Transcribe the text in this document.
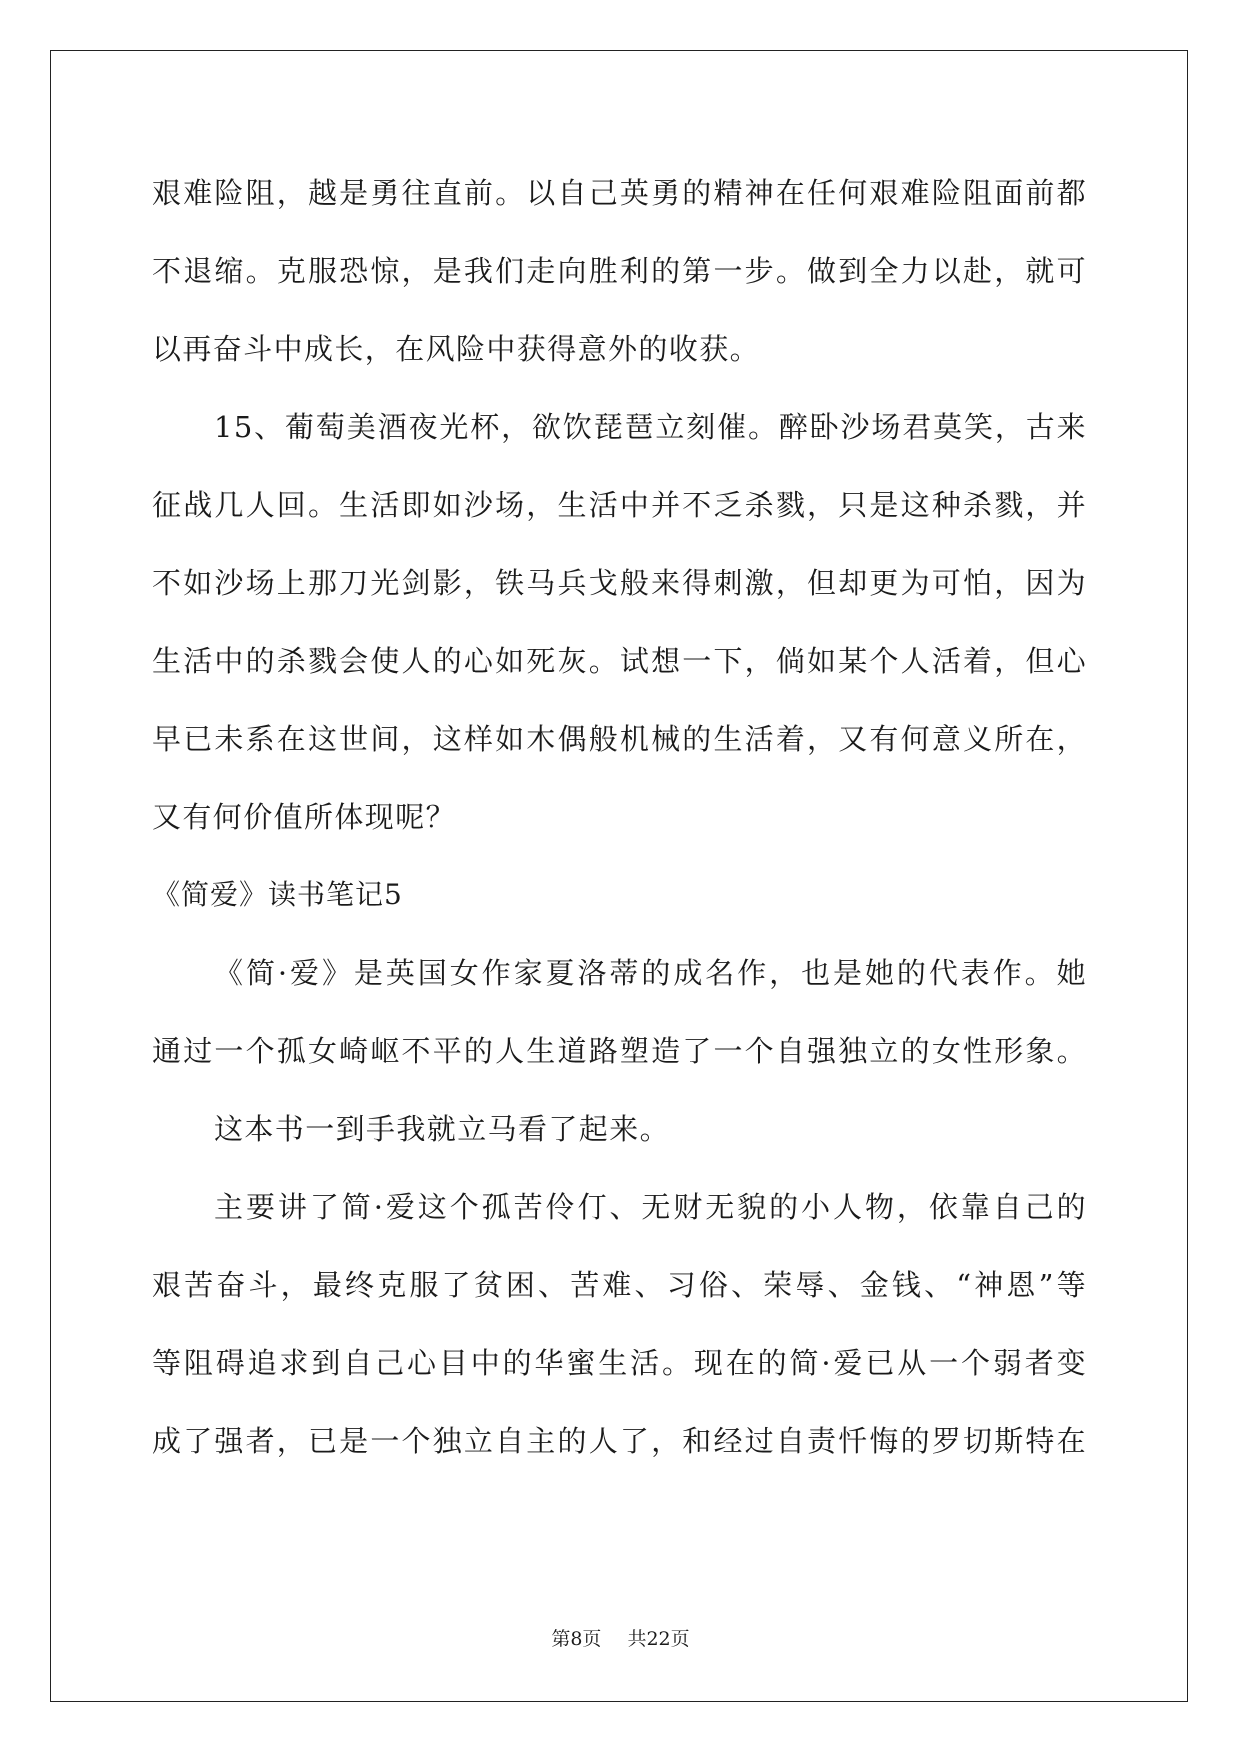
艰难险阻，越是勇往直前。以自己英勇的精神在任何艰难险阻面前都
不退缩。克服恐惊，是我们走向胜利的第一步。做到全力以赴，就可
以再奋斗中成长，在风险中获得意外的收获。
15、葡萄美酒夜光杯，欲饮琵琶立刻催。醉卧沙场君莫笑，古来
征战几人回。生活即如沙场，生活中并不乏杀戮，只是这种杀戮，并
不如沙场上那刀光剑影，铁马兵戈般来得刺激，但却更为可怕，因为
生活中的杀戮会使人的心如死灰。试想一下，倘如某个人活着，但心
早已未系在这世间，这样如木偶般机械的生活着，又有何意义所在，
又有何价值所体现呢？
《简爱》读书笔记5
《简·爱》是英国女作家夏洛蒂的成名作，也是她的代表作。她
通过一个孤女崎岖不平的人生道路塑造了一个自强独立的女性形象。
这本书一到手我就立马看了起来。
主要讲了简·爱这个孤苦伶仃、无财无貌的小人物，依靠自己的
艰苦奋斗，最终克服了贫困、苦难、习俗、荣辱、金钱、“神恩”等
等阻碍追求到自己心目中的华蜜生活。现在的简·爱已从一个弱者变
成了强者，已是一个独立自主的人了，和经过自责忏悔的罗切斯特在
第8页 共22页
